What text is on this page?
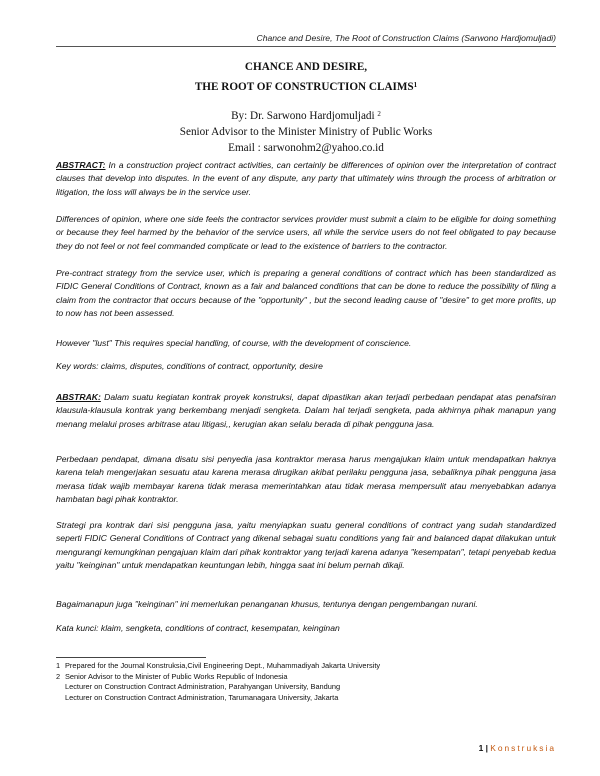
Chance and Desire, The Root of Construction Claims (Sarwono Hardjomuljadi)
CHANCE AND DESIRE,
THE ROOT OF CONSTRUCTION CLAIMS$^1$
By: Dr. Sarwono Hardjomuljadi $^2$
Senior Advisor to the Minister Ministry of Public Works
Email : sarwonohm2@yahoo.co.id
ABSTRACT: In a construction project contract activities, can certainly be differences of opinion over the interpretation of contract clauses that develop into disputes. In the event of any dispute, any party that ultimately wins through the process of arbitration or litigation, the loss will always be in the service user.
Differences of opinion, where one side feels the contractor services provider must submit a claim to be eligible for doing something or because they feel harmed by the behavior of the service users, all while the service users do not feel obligated to pay because they do not feel or not feel commanded complicate or lead to the existence of barriers to the contractor.
Pre-contract strategy from the service user, which is preparing a general conditions of contract which has been standardized as FIDIC General Conditions of Contract, known as a fair and balanced conditions that can be done to reduce the possibility of filing a claim from the contractor that occurs because of the "opportunity" , but the second leading cause of "desire" to get more profits, up to now has not been assessed.
However "lust" This requires special handling, of course, with the development of conscience.
Key words: claims, disputes, conditions of contract, opportunity, desire
ABSTRAK: Dalam suatu kegiatan kontrak proyek konstruksi, dapat dipastikan akan terjadi perbedaan pendapat atas penafsiran klausula-klausula kontrak yang berkembang menjadi sengketa. Dalam hal terjadi sengketa, pada akhirnya pihak manapun yang menang melalui proses arbitrase atau litigasi,, kerugian akan selalu berada di pihak pengguna jasa.
Perbedaan pendapat, dimana disatu sisi penyedia jasa kontraktor merasa harus mengajukan klaim untuk mendapatkan haknya karena telah mengerjakan sesuatu atau karena merasa dirugikan akibat perilaku pengguna jasa, sebaliknya pihak pengguna jasa merasa tidak wajib membayar karena tidak merasa memerintahkan atau tidak merasa mempersulit atau menyebabkan adanya hambatan bagi pihak kontraktor.
Strategi pra kontrak dari sisi pengguna jasa, yaitu menyiapkan suatu general conditions of contract yang sudah standardized seperti FIDIC General Conditions of Contract yang dikenal sebagai suatu conditions yang fair and balanced dapat dilakukan untuk mengurangi kemungkinan pengajuan klaim dari pihak kontraktor yang terjadi karena adanya "kesempatan", tetapi penyebab kedua yaitu "keinginan" untuk mendapatkan keuntungan lebih, hingga saat ini belum pernah dikaji.
Bagaimanapun juga "keinginan" ini memerlukan penanganan khusus, tentunya dengan pengembangan nurani.
Kata kunci: klaim, sengketa, conditions of contract, kesempatan, keinginan
1 Prepared for the Journal Konstruksia,Civil Engineering Dept., Muhammadiyah Jakarta University
2 Senior Advisor to the Minister of Public Works Republic of Indonesia
Lecturer on Construction Contract Administration, Parahyangan University, Bandung
Lecturer on Construction Contract Administration, Tarumanagara University, Jakarta
1 | Konstruksia
